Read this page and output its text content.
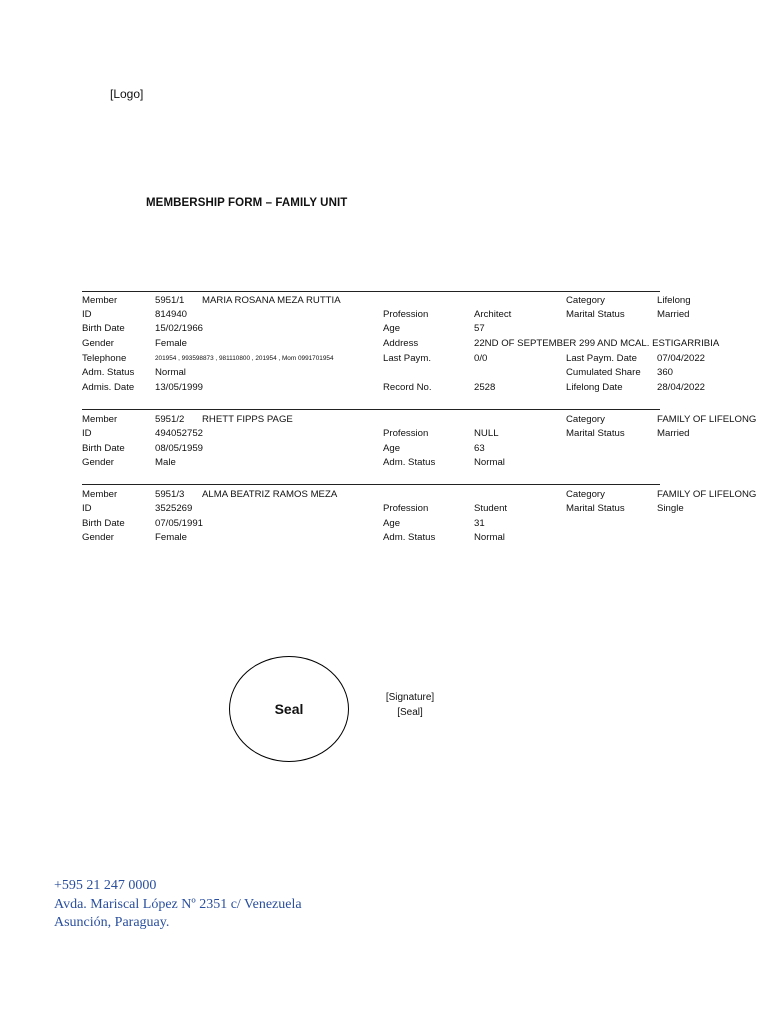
[Logo]
MEMBERSHIP FORM – FAMILY UNIT
Member	5951/1 MARIA ROSANA MEZA RUTTIA	Category	Lifelong
ID	814940	Profession	Architect	Marital Status	Married
Birth Date	15/02/1966	Age	57
Gender	Female	Address	22ND OF SEPTEMBER 299 AND MCAL. ESTIGARRIBIA
Telephone	201954 , 993598873 , 981110800 , 201954 , Mom 0991701954	Last Paym.	0/0	Last Paym. Date 07/04/2022
Adm. Status Normal	Cumulated Share 360
Admis. Date 13/05/1999	Record No.	2528	Lifelong Date	28/04/2022
Member	5951/2 RHETT FIPPS PAGE	Category	FAMILY OF LIFELONG
ID	494052752	Profession	NULL	Marital Status	Married
Birth Date	08/05/1959	Age	63
Gender	Male	Adm. Status	Normal
Member	5951/3 ALMA BEATRIZ RAMOS MEZA	Category	FAMILY OF LIFELONG
ID	3525269	Profession	Student	Marital Status	Single
Birth Date	07/05/1991	Age	31
Gender	Female	Adm. Status	Normal
Seal
[Signature]
[Seal]
+595 21 247 0000
Avda. Mariscal López Nº 2351 c/ Venezuela
Asunción, Paraguay.
